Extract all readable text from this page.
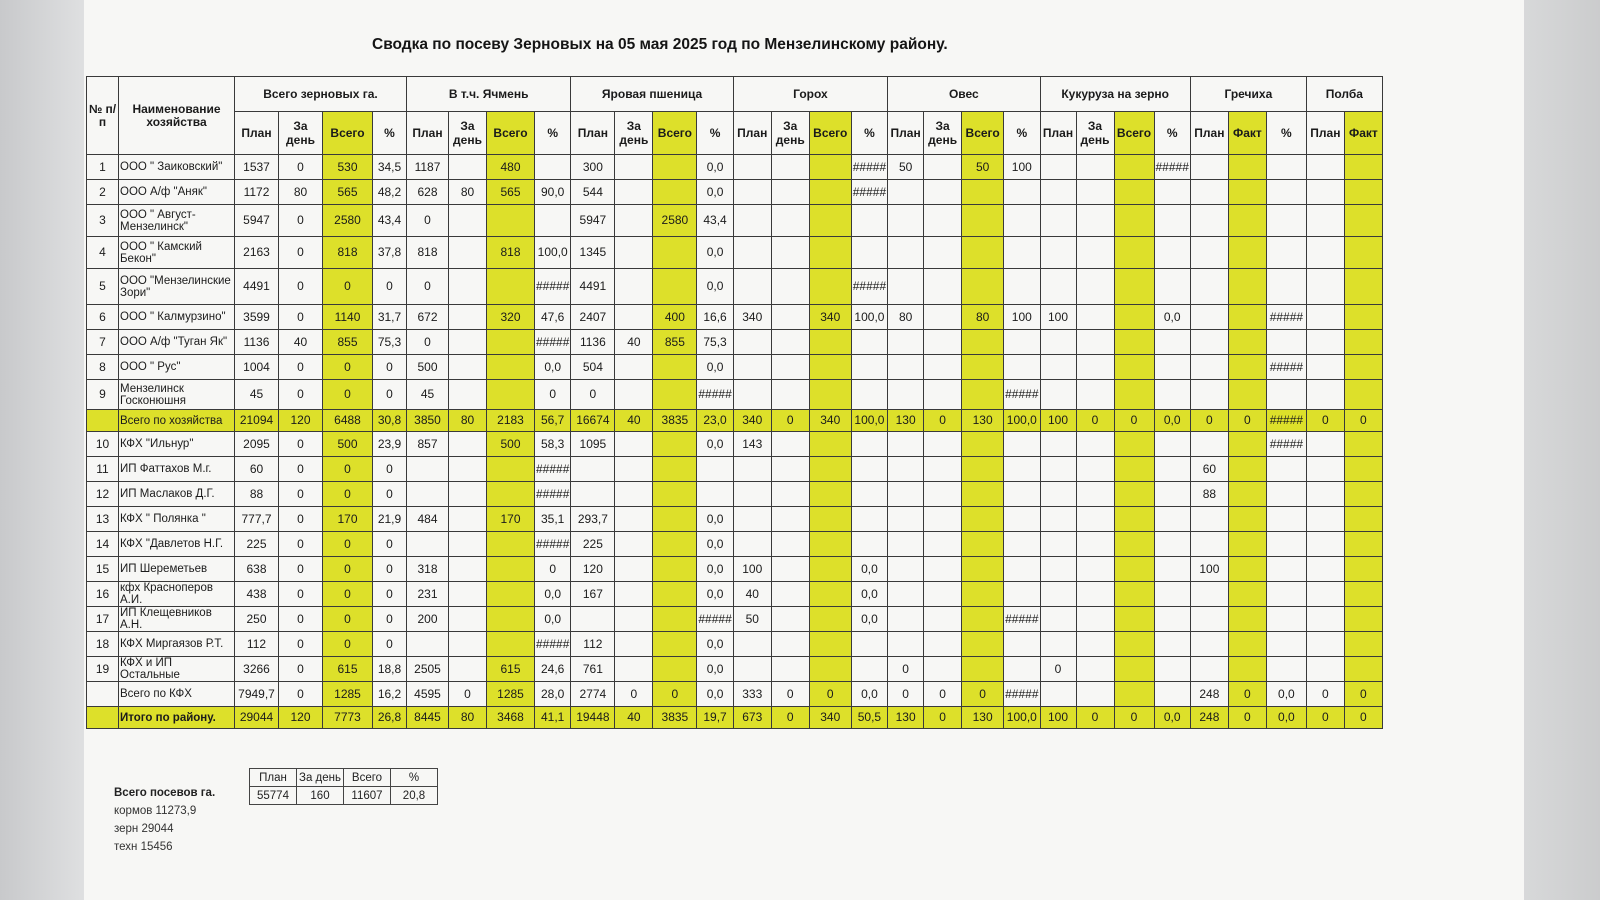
Сводка по посеву Зерновых на 05 мая 2025 год по Мензелинскому району.
№ п/п	Наименование хозяйства	Всего зерновых га.				В т.ч. Ячмень				Яровая пшеница				Горох				Овес				Кукуруза на зерно				Гречиха			Полба	
		План	За день	Всего	%	План	За день	Всего	%	План	За день	Всего	%	План	За день	Всего	%	План	За день	Всего	%	План	За день	Всего	%	План	Факт	%	План	Факт
1	ООО " Заиковский"	1537	0	530	34,5	1187		480		300			0,0				#####	50		50	100				#####					
2	ООО А/ф "Аняк"	1172	80	565	48,2	628	80	565	90,0	544			0,0				#####													
3	ООО " Август-Мензелинск"	5947	0	2580	43,4	0				5947		2580	43,4																	
4	ООО " Камский Бекон"	2163	0	818	37,8	818		818	100,0	1345			0,0																	
5	ООО "Мензелинские Зори"	4491	0	0	0	0			#####	4491			0,0				#####													
6	ООО " Калмурзино"	3599	0	1140	31,7	672		320	47,6	2407		400	16,6	340		340	100,0	80		80	100	100			0,0			#####		
7	ООО А/ф "Туган Як"	1136	40	855	75,3	0			#####	1136	40	855	75,3																	
8	ООО " Рус"	1004	0	0	0	500			0,0	504			0,0															#####		
9	Мензелинск Госконюшня	45	0	0	0	45			0	0			#####								#####									
	Всего по хозяйства	21094	120	6488	30,8	3850	80	2183	56,7	16674	40	3835	23,0	340	0	340	100,0	130	0	130	100,0	100	0	0	0,0	0	0	#####	0	0
10	КФХ "Ильнур"	2095	0	500	23,9	857		500	58,3	1095			0,0	143														#####		
11	ИП Фаттахов М.г.	60	0	0	0				#####																	60				
12	ИП Маслаков Д.Г.	88	0	0	0				#####																	88				
13	КФХ " Полянка "	777,7	0	170	21,9	484		170	35,1	293,7			0,0																	
14	КФХ "Давлетов Н.Г.	225	0	0	0				#####	225			0,0																	
15	ИП Шереметьев	638	0	0	0	318			0	120			0,0	100			0,0									100				
16	кфх Красноперов А.И.	438	0	0	0	231			0,0	167			0,0	40			0,0													
17	ИП Клещевников А.Н.	250	0	0	0	200			0,0				#####	50			0,0				#####									
18	КФХ Миргаязов Р.Т.	112	0	0	0				#####	112			0,0																	
19	КФХ и ИП Остальные	3266	0	615	18,8	2505		615	24,6	761			0,0					0				0								
	Всего по КФХ	7949,7	0	1285	16,2	4595	0	1285	28,0	2774	0	0	0,0	333	0	0	0,0	0	0	0	#####					248	0	0,0	0	0
	Итого по району.	29044	120	7773	26,8	8445	80	3468	41,1	19448	40	3835	19,7	673	0	340	50,5	130	0	130	100,0	100	0	0	0,0	248	0	0,0	0	0
План	За день	Всего	%
55774	160	11607	20,8
Всего посевов га.
кормов 11273,9
зерн 29044
техн 15456
